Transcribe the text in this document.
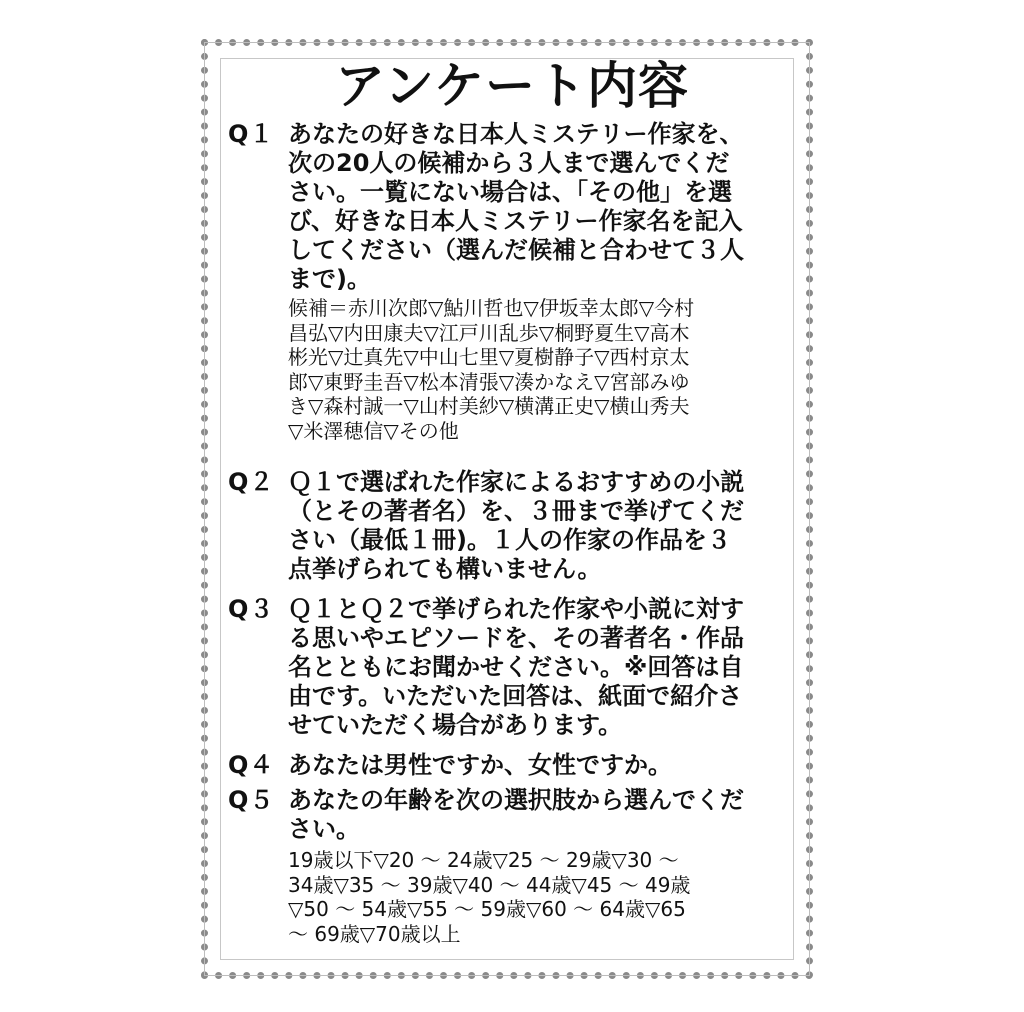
アンケート内容
Q１ あなたの好きな日本人ミステリー作家を、
次の20人の候補から３人まで選んでくだ
さい。一覧にない場合は、「その他」を選
び、好きな日本人ミステリー作家名を記入
してください（選んだ候補と合わせて３人
まで)。
候補＝赤川次郎▽鮎川哲也▽伊坂幸太郎▽今村
昌弘▽内田康夫▽江戸川乱歩▽桐野夏生▽高木
彬光▽辻真先▽中山七里▽夏樹静子▽西村京太
郎▽東野圭吾▽松本清張▽湊かなえ▽宮部みゆ
き▽森村誠一▽山村美紗▽横溝正史▽横山秀夫
▽米澤穂信▽その他
Q２ Ｑ１で選ばれた作家によるおすすめの小説
（とその著者名）を、３冊まで挙げてくだ
さい（最低１冊)。１人の作家の作品を３
点挙げられても構いません。
Q３ Ｑ１とＱ２で挙げられた作家や小説に対す
る思いやエピソードを、その著者名・作品
名とともにお聞かせください。※回答は自
由です。いただいた回答は、紙面で紹介さ
せていただく場合があります。
Q４ あなたは男性ですか、女性ですか。
Q５ あなたの年齢を次の選択肢から選んでくだ
さい。
19歳以下▽20 ～ 24歳▽25 ～ 29歳▽30 ～
34歳▽35 ～ 39歳▽40 ～ 44歳▽45 ～ 49歳
▽50 ～ 54歳▽55 ～ 59歳▽60 ～ 64歳▽65
～ 69歳▽70歳以上
